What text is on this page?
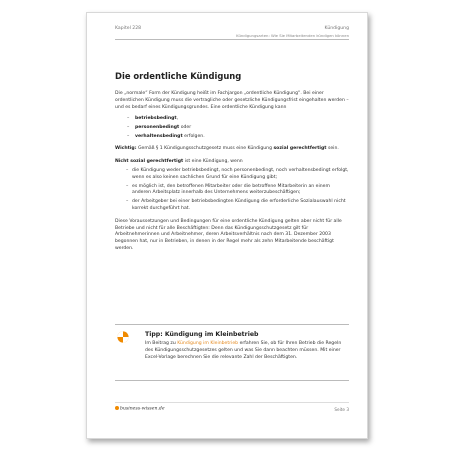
Kapitel 228	Kündigung
Kündigungsarten: Wie Sie Mitarbeitenden kündigen können
Die ordentliche Kündigung

Die „normale“ Form der Kündigung heißt im Fachjargon „ordentliche Kündigung“. Bei einer ordentlichen Kündigung muss die vertragliche oder gesetzliche Kündigungsfrist eingehalten werden – und es bedarf eines Kündigungsgrundes. Eine ordentliche Kündigung kann

– betriebsbedingt,
– personenbedingt oder
– verhaltensbedingt erfolgen.

Wichtig: Gemäß § 1 Kündigungsschutzgesetz muss eine Kündigung sozial gerechtfertigt sein.

Nicht sozial gerechtfertigt ist eine Kündigung, wenn

– die Kündigung weder betriebsbedingt, noch personenbedingt, noch verhaltensbedingt erfolgt, wenn es also keinen sachlichen Grund für eine Kündigung gibt;
– es möglich ist, den betroffenen Mitarbeiter oder die betroffene Mitarbeiterin an einem anderen Arbeitsplatz innerhalb des Unternehmens weiterzubeschäftigen;
– der Arbeitgeber bei einer betriebsbedingten Kündigung die erforderliche Sozialauswahl nicht korrekt durchgeführt hat.

Diese Voraussetzungen und Bedingungen für eine ordentliche Kündigung gelten aber nicht für alle Betriebe und nicht für alle Beschäftigten: Denn das Kündigungsschutzgesetz gilt für Arbeitnehmerinnen und Arbeitnehmer, deren Arbeitsverhältnis nach dem 31. Dezember 2003 begonnen hat, nur in Betrieben, in denen in der Regel mehr als zehn Mitarbeitende beschäftigt werden.

Tipp: Kündigung im Kleinbetrieb
Im Beitrag zu Kündigung im Kleinbetrieb erfahren Sie, ob für Ihren Betrieb die Regeln des Kündigungsschutzgesetzes gelten und was Sie dann beachten müssen. Mit einer Excel-Vorlage berechnen Sie die relevante Zahl der Beschäftigten.
business-wissen.de	Seite 3
